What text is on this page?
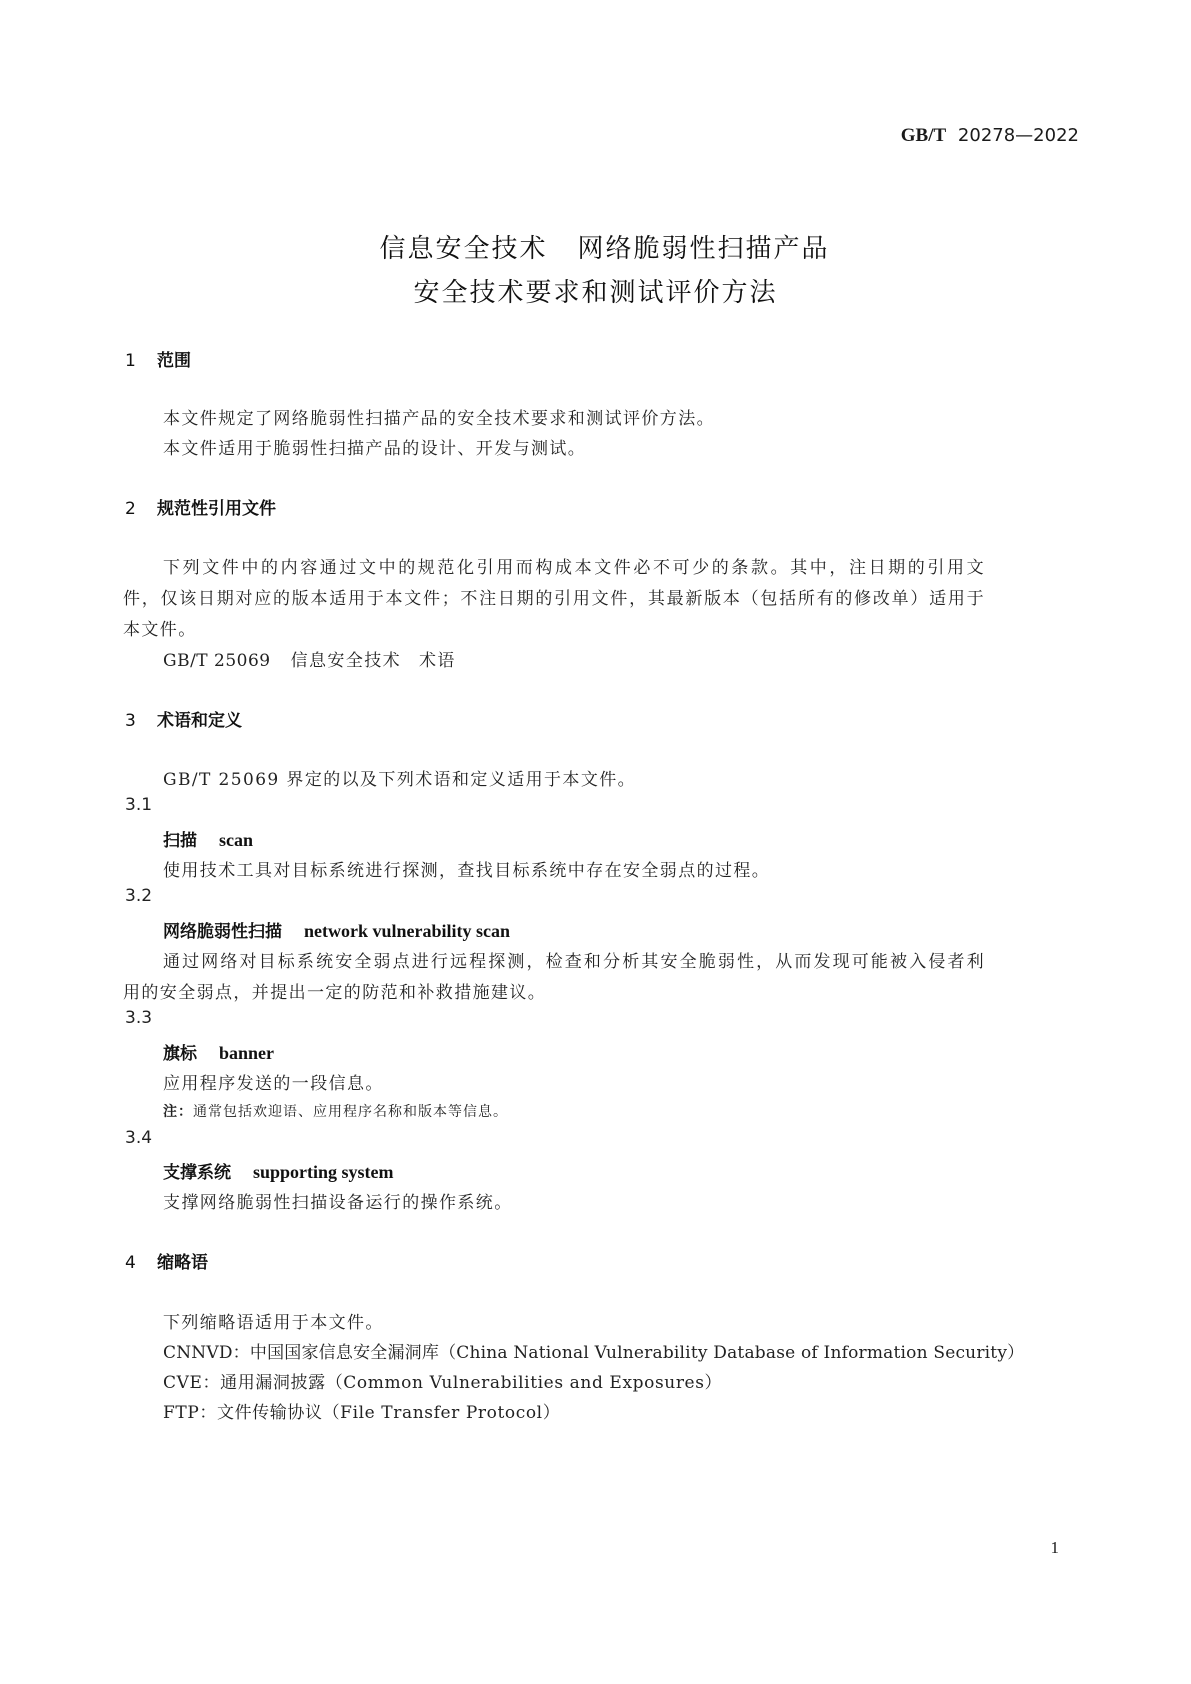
GB/T 20278—2022
信息安全技术 网络脆弱性扫描产品
安全技术要求和测试评价方法
1 范围
本文件规定了网络脆弱性扫描产品的安全技术要求和测试评价方法。
本文件适用于脆弱性扫描产品的设计、开发与测试。
2 规范性引用文件
下列文件中的内容通过文中的规范化引用而构成本文件必不可少的条款。其中，注日期的引用文
件，仅该日期对应的版本适用于本文件；不注日期的引用文件，其最新版本（包括所有的修改单）适用于
本文件。
GB/T 25069 信息安全技术 术语
3 术语和定义
GB/T 25069 界定的以及下列术语和定义适用于本文件。
3.1
扫描 scan
使用技术工具对目标系统进行探测，查找目标系统中存在安全弱点的过程。
3.2
网络脆弱性扫描 network vulnerability scan
通过网络对目标系统安全弱点进行远程探测，检查和分析其安全脆弱性，从而发现可能被入侵者利
用的安全弱点，并提出一定的防范和补救措施建议。
3.3
旗标 banner
应用程序发送的一段信息。
注：通常包括欢迎语、应用程序名称和版本等信息。
3.4
支撑系统 supporting system
支撑网络脆弱性扫描设备运行的操作系统。
4 缩略语
下列缩略语适用于本文件。
CNNVD：中国国家信息安全漏洞库（China National Vulnerability Database of Information Security）
CVE：通用漏洞披露（Common Vulnerabilities and Exposures）
FTP：文件传输协议（File Transfer Protocol）
1
